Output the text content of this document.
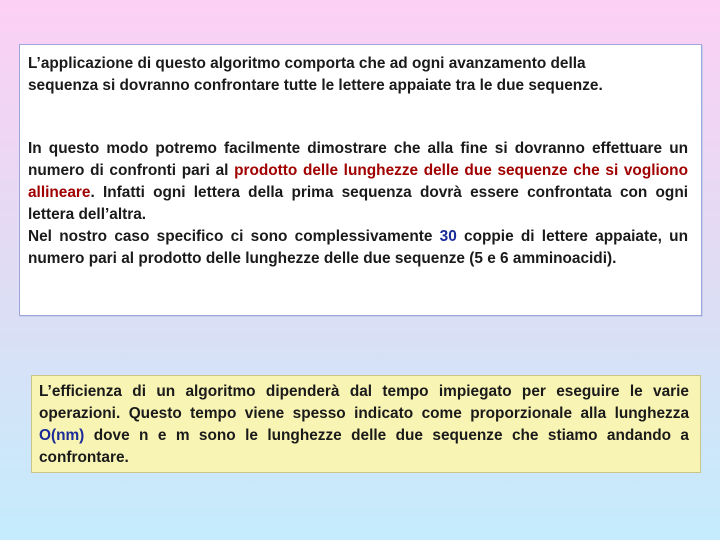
L’applicazione di questo algoritmo comporta che ad ogni avanzamento della
sequenza si dovranno confrontare tutte le lettere appaiate tra le due sequenze.

In questo modo potremo facilmente dimostrare che alla fine si dovranno effettuare un numero di confronti pari al prodotto delle lunghezze delle due sequenze che si vogliono allineare. Infatti ogni lettera della prima sequenza dovrà essere confrontata con ogni lettera dell’altra.
Nel nostro caso specifico ci sono complessivamente 30 coppie di lettere appaiate, un numero pari al prodotto delle lunghezze delle due sequenze (5 e 6 amminoacidi).

L’efficienza di un algoritmo dipenderà dal tempo impiegato per eseguire le varie operazioni. Questo tempo viene spesso indicato come proporzionale alla lunghezza O(nm) dove n e m sono le lunghezze delle due sequenze che stiamo andando a confrontare.
